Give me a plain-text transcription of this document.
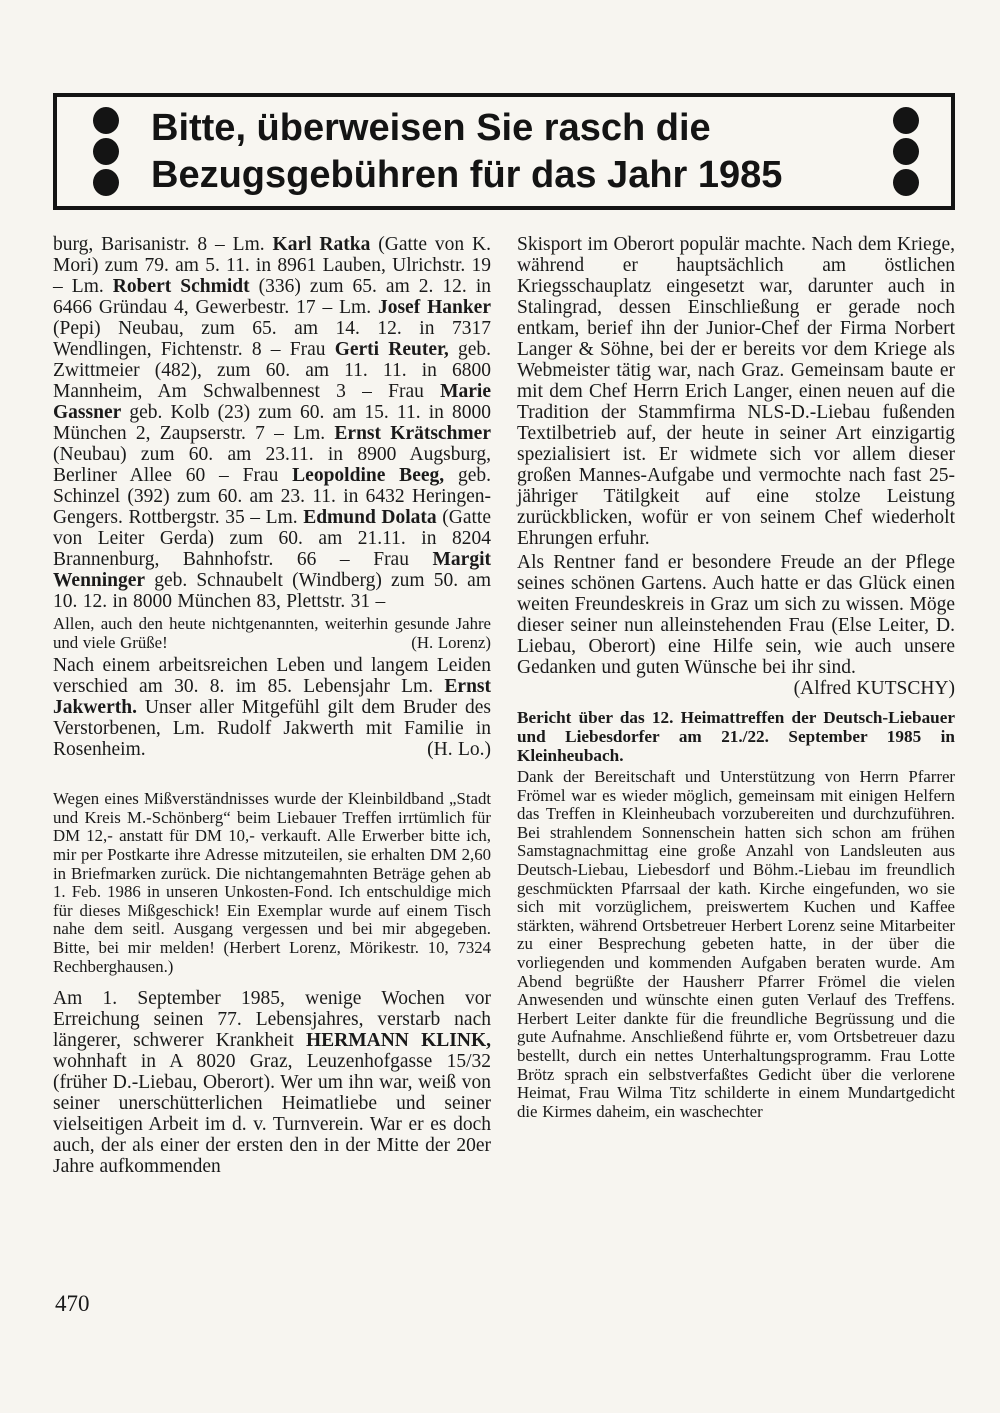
Bitte, überweisen Sie rasch die
Bezugsgebühren für das Jahr 1985

burg, Barisanistr. 8 – Lm. Karl Ratka (Gatte von K. Mori) zum 79. am 5. 11. in 8961 Lauben, Ulrichstr. 19 – Lm. Robert Schmidt (336) zum 65. am 2. 12. in 6466 Gründau 4, Gewerbestr. 17 – Lm. Josef Hanker (Pepi) Neubau, zum 65. am 14. 12. in 7317 Wendlingen, Fichtenstr. 8 – Frau Gerti Reuter, geb. Zwittmeier (482), zum 60. am 11. 11. in 6800 Mannheim, Am Schwalbennest 3 – Frau Marie Gassner geb. Kolb (23) zum 60. am 15. 11. in 8000 München 2, Zaupserstr. 7 – Lm. Ernst Krätschmer (Neubau) zum 60. am 23.11. in 8900 Augsburg, Berliner Allee 60 – Frau Leopoldine Beeg, geb. Schinzel (392) zum 60. am 23. 11. in 6432 Heringen-Gengers. Rottbergstr. 35 – Lm. Edmund Dolata (Gatte von Leiter Gerda) zum 60. am 21.11. in 8204 Brannenburg, Bahnhofstr. 66 – Frau Margit Wenninger geb. Schnaubelt (Windberg) zum 50. am 10. 12. in 8000 München 83, Plettstr. 31 –

Allen, auch den heute nichtgenannten, weiterhin gesunde Jahre und viele Grüße!	(H. Lorenz)

Nach einem arbeitsreichen Leben und langem Leiden verschied am 30. 8. im 85. Lebensjahr Lm. Ernst Jakwerth. Unser aller Mitgefühl gilt dem Bruder des Verstorbenen, Lm. Rudolf Jakwerth mit Familie in Rosenheim.	(H. Lo.)

Wegen eines Mißverständnisses wurde der Kleinbildband „Stadt und Kreis M.-Schönberg“ beim Liebauer Treffen irrtümlich für DM 12,- anstatt für DM 10,- verkauft. Alle Erwerber bitte ich, mir per Postkarte ihre Adresse mitzuteilen, sie erhalten DM 2,60 in Briefmarken zurück. Die nichtangemahnten Beträge gehen ab 1. Feb. 1986 in unseren Unkosten-Fond. Ich entschuldige mich für dieses Mißgeschick! Ein Exemplar wurde auf einem Tisch nahe dem seitl. Ausgang vergessen und bei mir abgegeben. Bitte, bei mir melden! (Herbert Lorenz, Mörikestr. 10, 7324 Rechberghausen.)

Am 1. September 1985, wenige Wochen vor Erreichung seinen 77. Lebensjahres, verstarb nach längerer, schwerer Krankheit HERMANN KLINK, wohnhaft in A 8020 Graz, Leuzenhofgasse 15/32 (früher D.-Liebau, Oberort). Wer um ihn war, weiß von seiner unerschütterlichen Heimatliebe und seiner vielseitigen Arbeit im d. v. Turnverein. War er es doch auch, der als einer der ersten den in der Mitte der 20er Jahre aufkommenden

Skisport im Oberort populär machte. Nach dem Kriege, während er hauptsächlich am östlichen Kriegsschauplatz eingesetzt war, darunter auch in Stalingrad, dessen Einschließung er gerade noch entkam, berief ihn der Junior-Chef der Firma Norbert Langer & Söhne, bei der er bereits vor dem Kriege als Webmeister tätig war, nach Graz. Gemeinsam baute er mit dem Chef Herrn Erich Langer, einen neuen auf die Tradition der Stammfirma NLS-D.-Liebau fußenden Textilbetrieb auf, der heute in seiner Art einzigartig spezialisiert ist. Er widmete sich vor allem dieser großen Mannes-Aufgabe und vermochte nach fast 25-jähriger Tätilgkeit auf eine stolze Leistung zurückblicken, wofür er von seinem Chef wiederholt Ehrungen erfuhr.

Als Rentner fand er besondere Freude an der Pflege seines schönen Gartens. Auch hatte er das Glück einen weiten Freundeskreis in Graz um sich zu wissen. Möge dieser seiner nun alleinstehenden Frau (Else Leiter, D. Liebau, Oberort) eine Hilfe sein, wie auch unsere Gedanken und guten Wünsche bei ihr sind.
(Alfred KUTSCHY)

Bericht über das 12. Heimattreffen der Deutsch-Liebauer und Liebesdorfer am 21./22. September 1985 in Kleinheubach.

Dank der Bereitschaft und Unterstützung von Herrn Pfarrer Frömel war es wieder möglich, gemeinsam mit einigen Helfern das Treffen in Kleinheubach vorzubereiten und durchzuführen. Bei strahlendem Sonnenschein hatten sich schon am frühen Samstagnachmittag eine große Anzahl von Landsleuten aus Deutsch-Liebau, Liebesdorf und Böhm.-Liebau im freundlich geschmückten Pfarrsaal der kath. Kirche eingefunden, wo sie sich mit vorzüglichem, preiswertem Kuchen und Kaffee stärkten, während Ortsbetreuer Herbert Lorenz seine Mitarbeiter zu einer Besprechung gebeten hatte, in der über die vorliegenden und kommenden Aufgaben beraten wurde. Am Abend begrüßte der Hausherr Pfarrer Frömel die vielen Anwesenden und wünschte einen guten Verlauf des Treffens. Herbert Leiter dankte für die freundliche Begrüssung und die gute Aufnahme. Anschließend führte er, vom Ortsbetreuer dazu bestellt, durch ein nettes Unterhaltungsprogramm. Frau Lotte Brötz sprach ein selbstverfaßtes Gedicht über die verlorene Heimat, Frau Wilma Titz schilderte in einem Mundartgedicht die Kirmes daheim, ein waschechter

470
